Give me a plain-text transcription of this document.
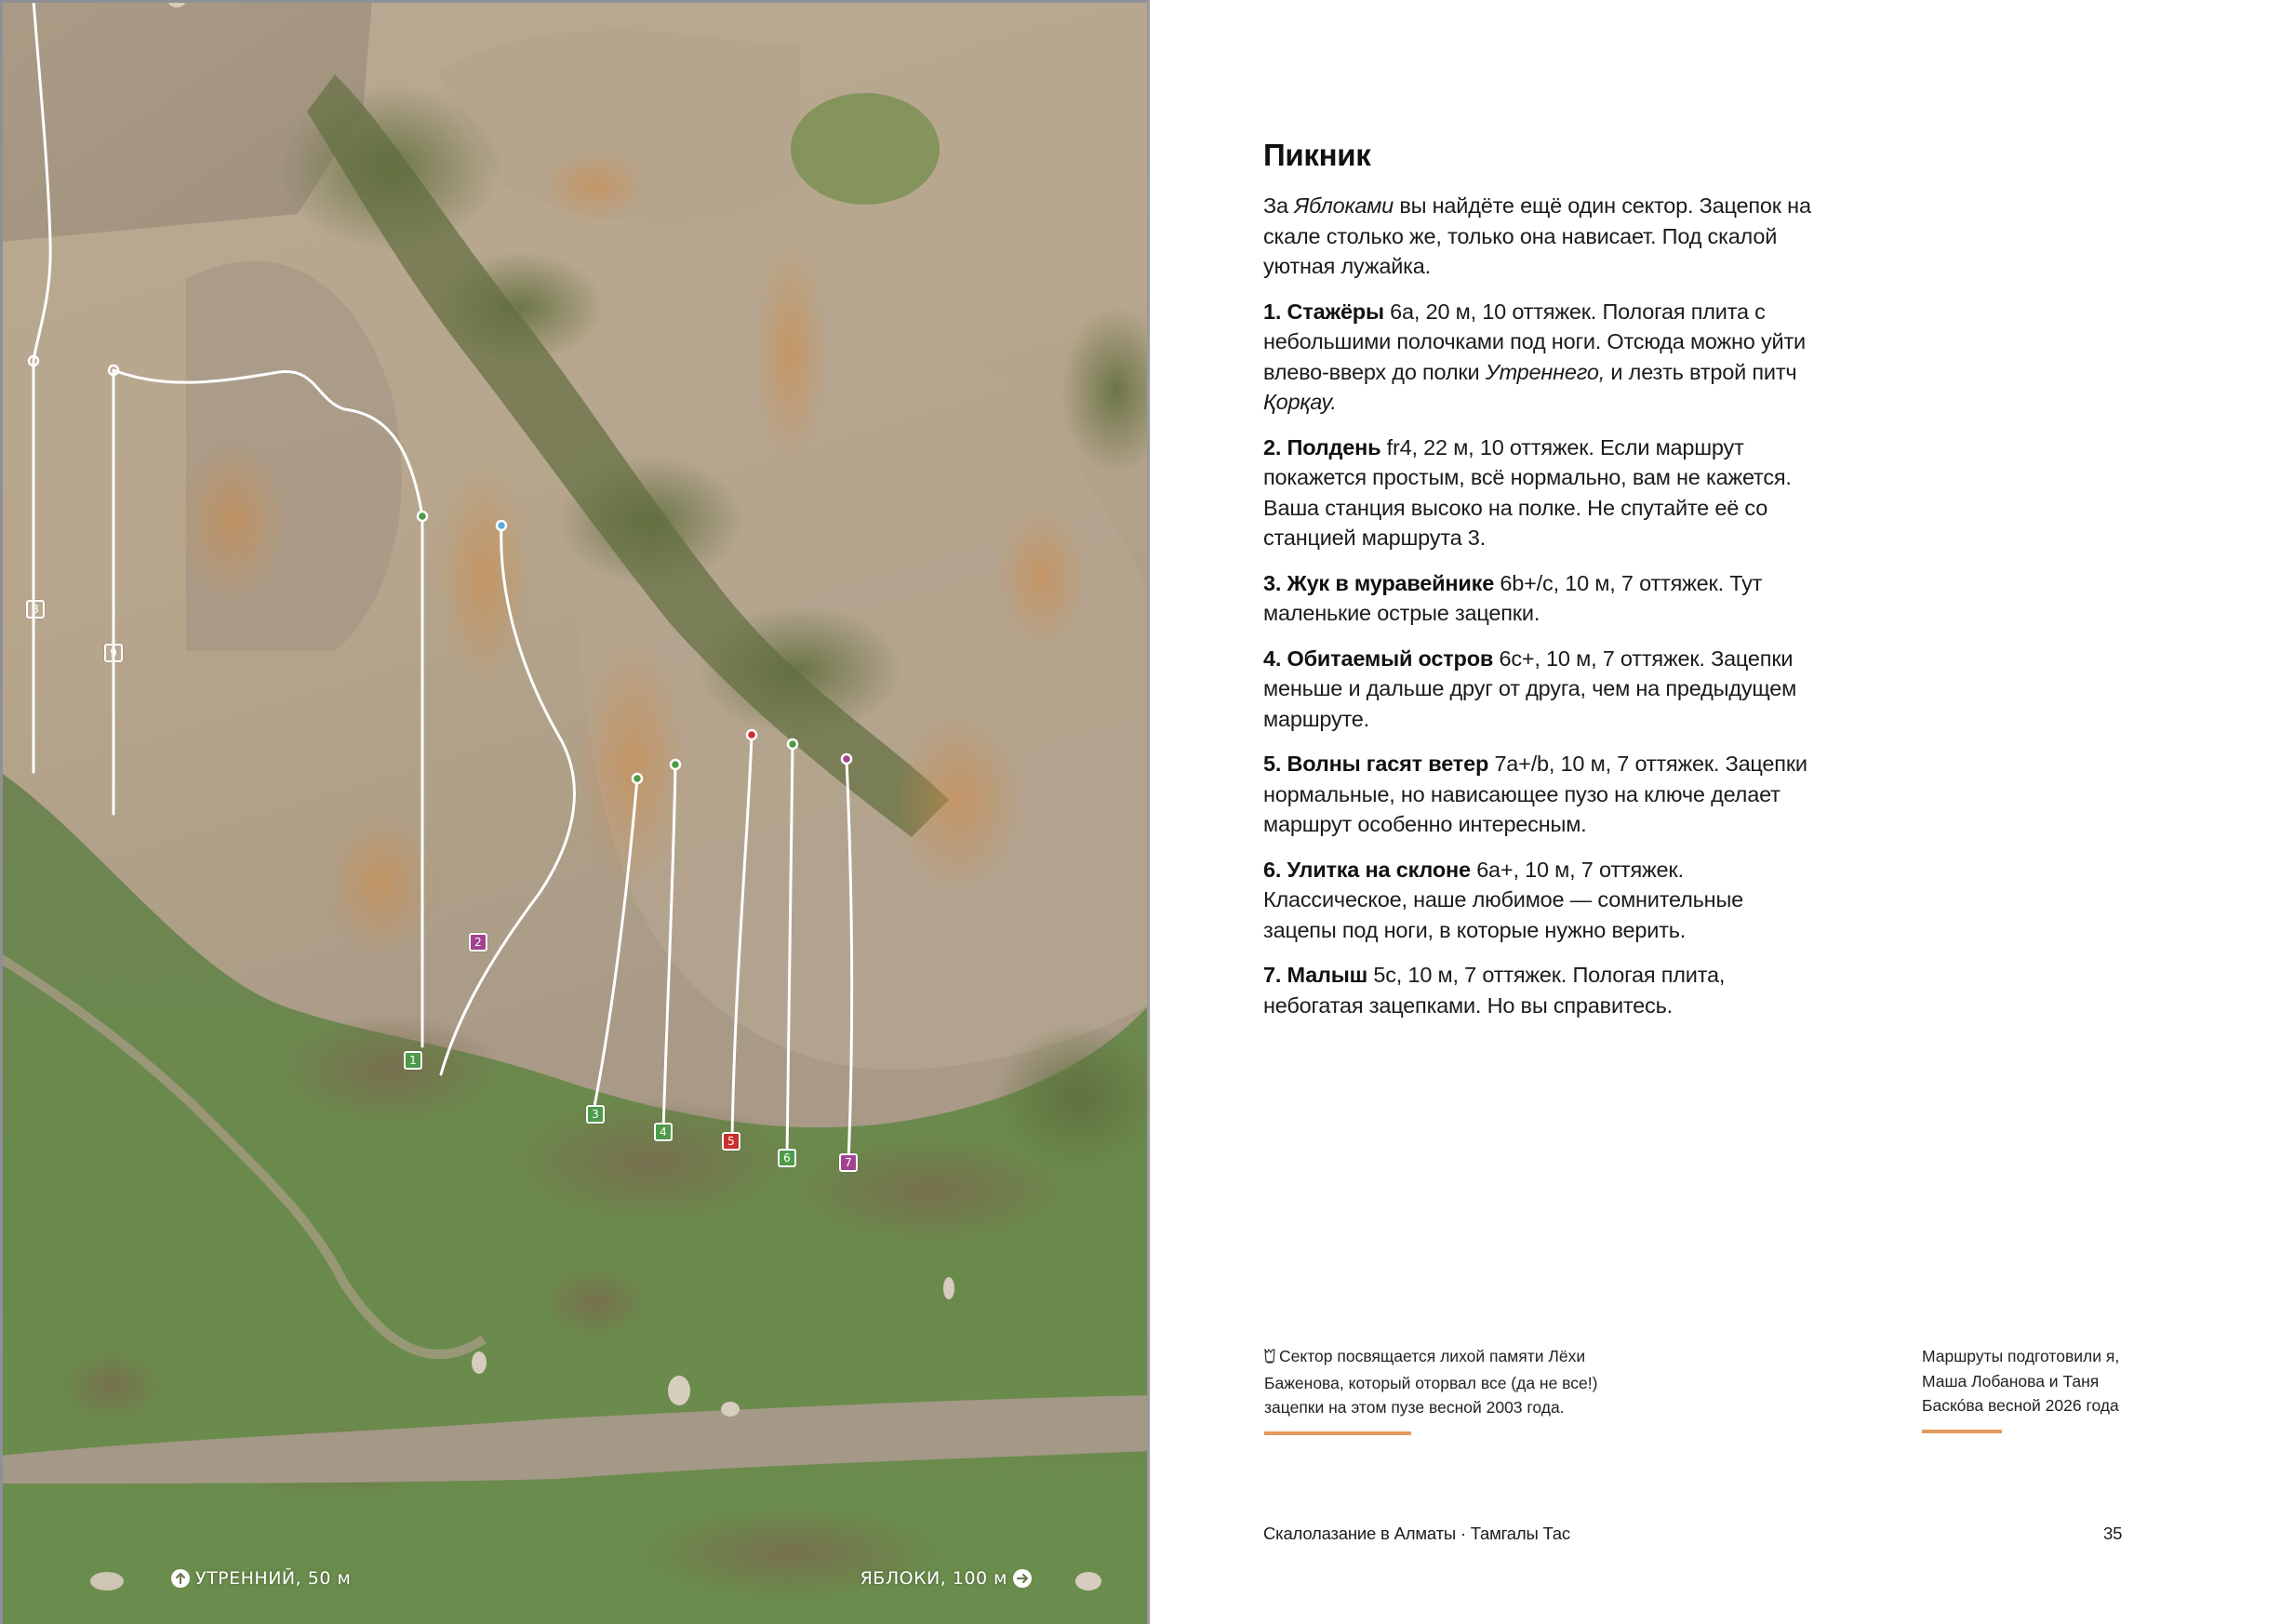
1
2
3
4
5
6	7
8
9
УТРЕННИЙ, 50 м	ЯБЛОКИ, 100 м
Пикник

За Яблоками вы найдёте ещё один сектор. Зацепок на скале столько же, только она нависает. Под скалой уютная лужайка.

1. Стажёры 6а, 20 м, 10 оттяжек. Пологая плита с небольшими полочками под ноги. Отсюда можно уйти влево-вверх до полки Утреннего, и лезть втрой питч Қорқау.

2. Полдень fr4, 22 м, 10 оттяжек. Если маршрут покажется простым, всё нормально, вам не кажется. Ваша станция высоко на полке. Не спутайте её со станцией маршрута 3.

3. Жук в муравейнике 6b+/c, 10 м, 7 оттяжек. Тут маленькие острые зацепки.

4. Обитаемый остров 6c+, 10 м, 7 оттяжек. Зацепки меньше и дальше друг от друга, чем на предыдущем маршруте.

5. Волны гасят ветер 7a+/b, 10 м, 7 оттяжек. Зацепки нормальные, но нависающее пузо на ключе делает маршрут особенно интересным.

6. Улитка на склоне 6a+, 10 м, 7 оттяжек. Классическое, наше любимое — сомнительные зацепы под ноги, в которые нужно верить.

7. Малыш 5c, 10 м, 7 оттяжек. Пологая плита, небогатая зацепками. Но вы справитесь.

Сектор посвящается лихой памяти Лёхи Баженова, который оторвал все (да не все!) зацепки на этом пузе весной 2003 года.
Маршруты подготовили я, Маша Лобанова и Таня Баскóва весной 2026 года
Скалолазание в Алматы · Тамгалы Тас	35
